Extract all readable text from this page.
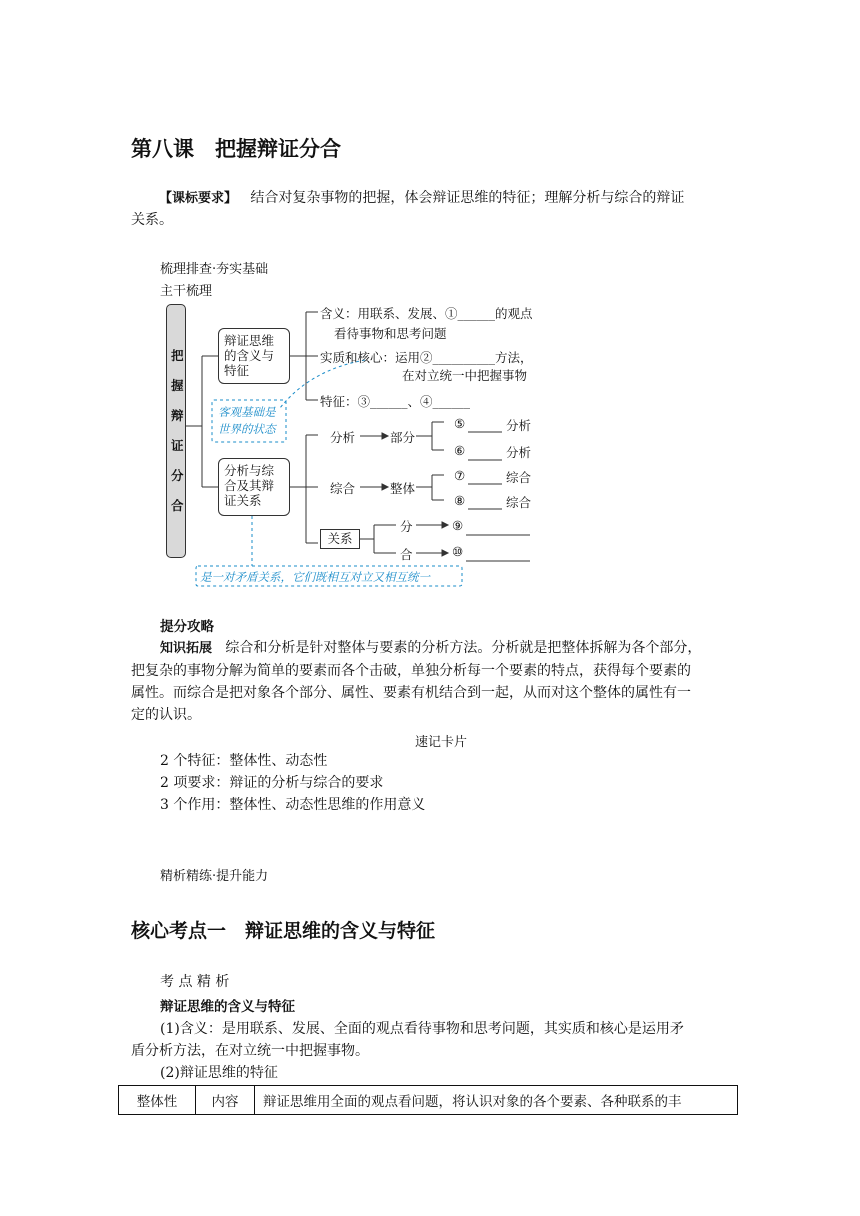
第八课　把握辩证分合
【课标要求】 结合对复杂事物的把握，体会辩证思维的特征；理解分析与综合的辩证
关系。
梳理排查·夯实基础
主干梳理
把
握
辩
证
分
合
辩证思维
的含义与
特征
分析与综
合及其辩
证关系
含义：用联系、发展、①______的观点
看待事物和思考问题
实质和核心：运用②__________方法，
在对立统一中把握事物
特征：③______、④______
客观基础是
世界的状态
分析	部分
⑤	分析
⑥	分析
综合	整体
⑦	综合
⑧	综合
关系
分
合
⑨
⑩
是一对矛盾关系，它们既相互对立又相互统一
提分攻略
知识拓展 综合和分析是针对整体与要素的分析方法。分析就是把整体拆解为各个部分，
把复杂的事物分解为简单的要素而各个击破，单独分析每一个要素的特点，获得每个要素的
属性。而综合是把对象各个部分、属性、要素有机结合到一起，从而对这个整体的属性有一
定的认识。
速记卡片
2 个特征：整体性、动态性
2 项要求：辩证的分析与综合的要求
3 个作用：整体性、动态性思维的作用意义
精析精练·提升能力
核心考点一　辩证思维的含义与特征
考 点 精 析
辩证思维的含义与特征
(1)含义：是用联系、发展、全面的观点看待事物和思考问题，其实质和核心是运用矛
盾分析方法，在对立统一中把握事物。
(2)辩证思维的特征
整体性	内容	辩证思维用全面的观点看问题，将认识对象的各个要素、各种联系的丰
